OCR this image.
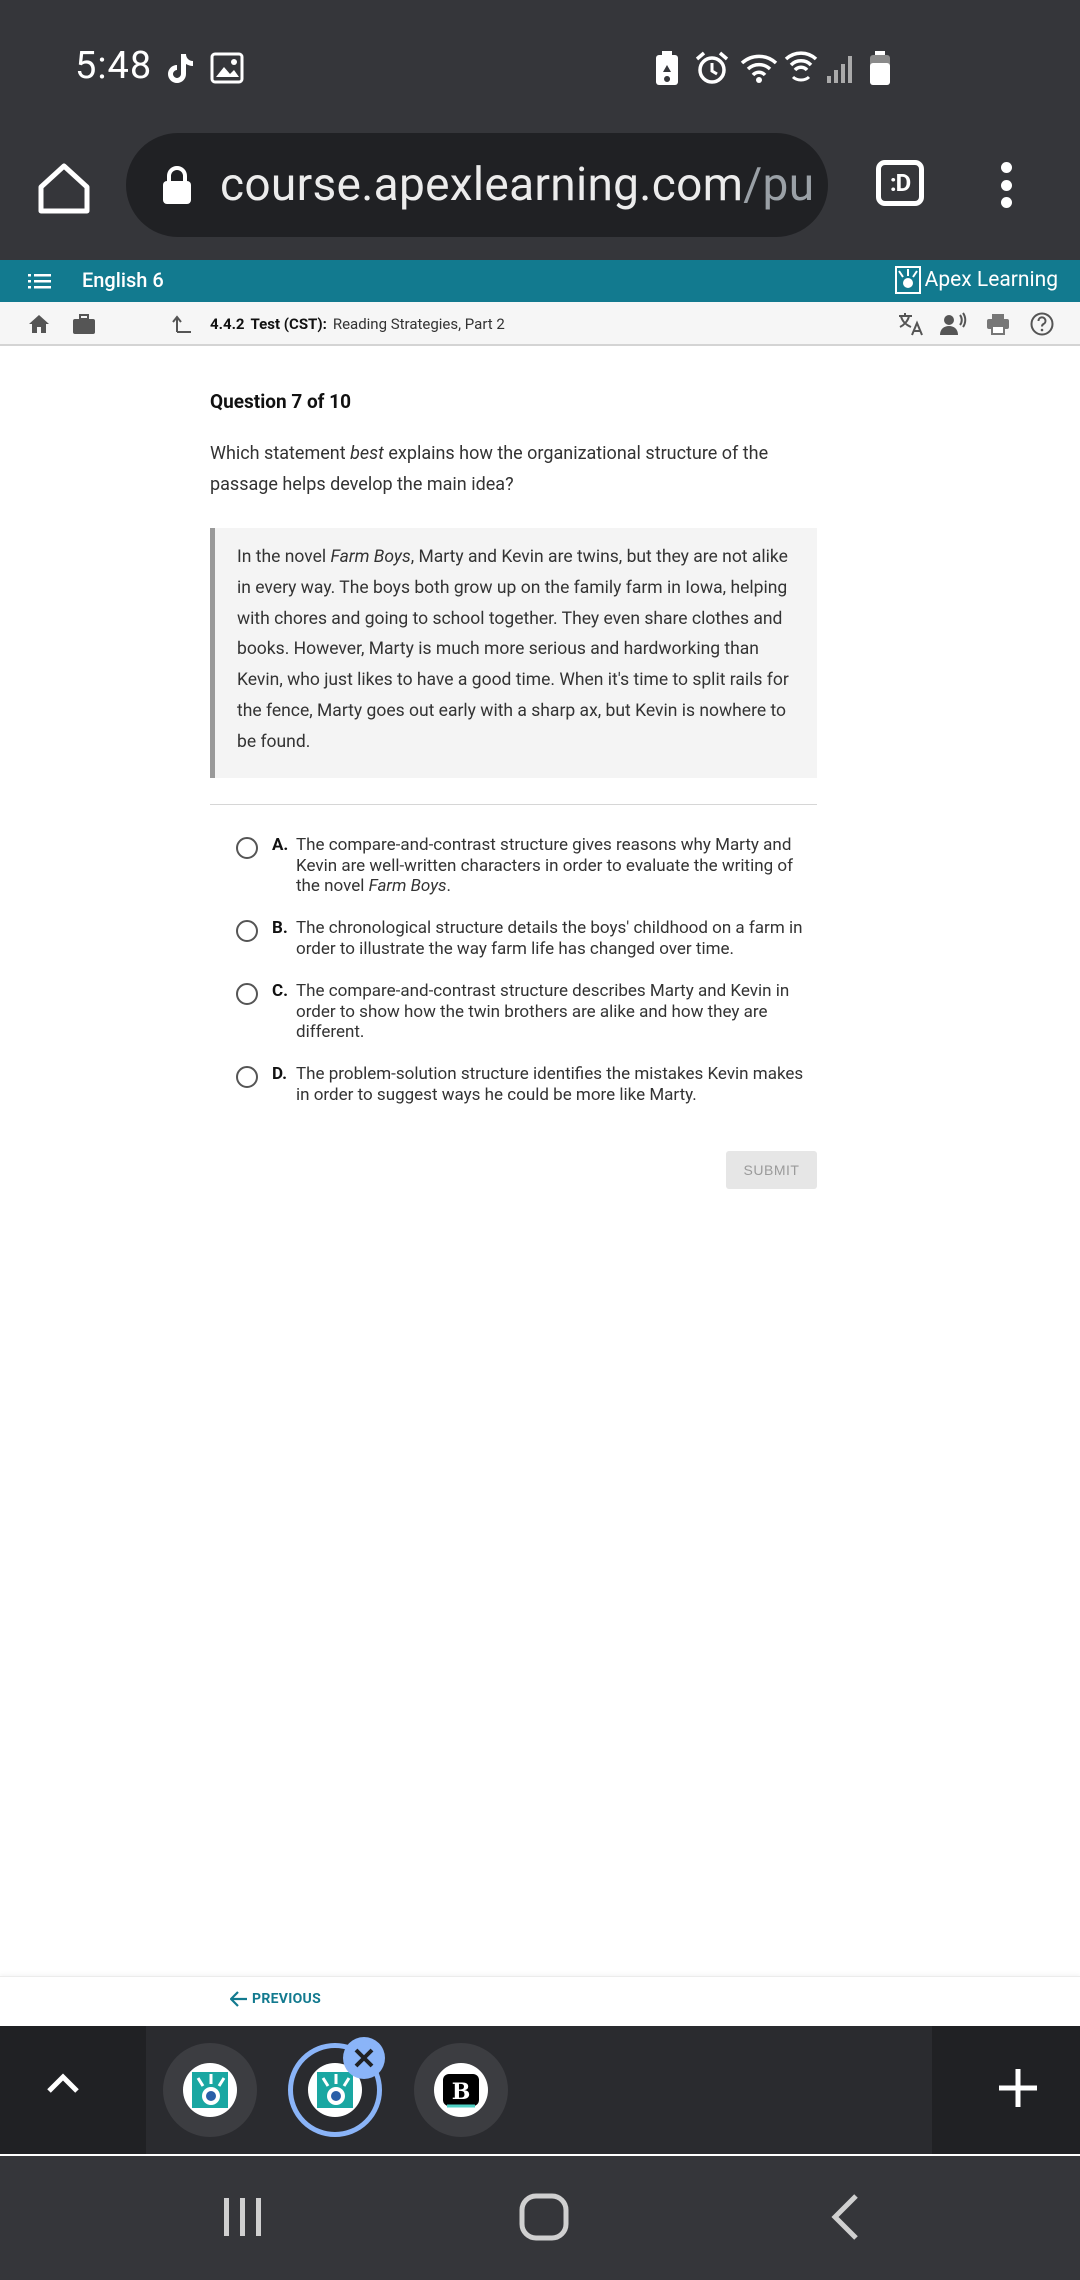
5:48
course.apexlearning.com/pu	:D
English 6	Apex Learning
4.4.2 Test (CST): Reading Strategies, Part 2
Question 7 of 10
Which statement best explains how the organizational structure of the passage helps develop the main idea?
In the novel Farm Boys, Marty and Kevin are twins, but they are not alike in every way. The boys both grow up on the family farm in Iowa, helping with chores and going to school together. They even share clothes and books. However, Marty is much more serious and hardworking than Kevin, who just likes to have a good time. When it's time to split rails for the fence, Marty goes out early with a sharp ax, but Kevin is nowhere to be found.
A. The compare-and-contrast structure gives reasons why Marty and Kevin are well-written characters in order to evaluate the writing of the novel Farm Boys.
B. The chronological structure details the boys' childhood on a farm in order to illustrate the way farm life has changed over time.
C. The compare-and-contrast structure describes Marty and Kevin in order to show how the twin brothers are alike and how they are different.
D. The problem-solution structure identifies the mistakes Kevin makes in order to suggest ways he could be more like Marty.
SUBMIT
PREVIOUS
B
